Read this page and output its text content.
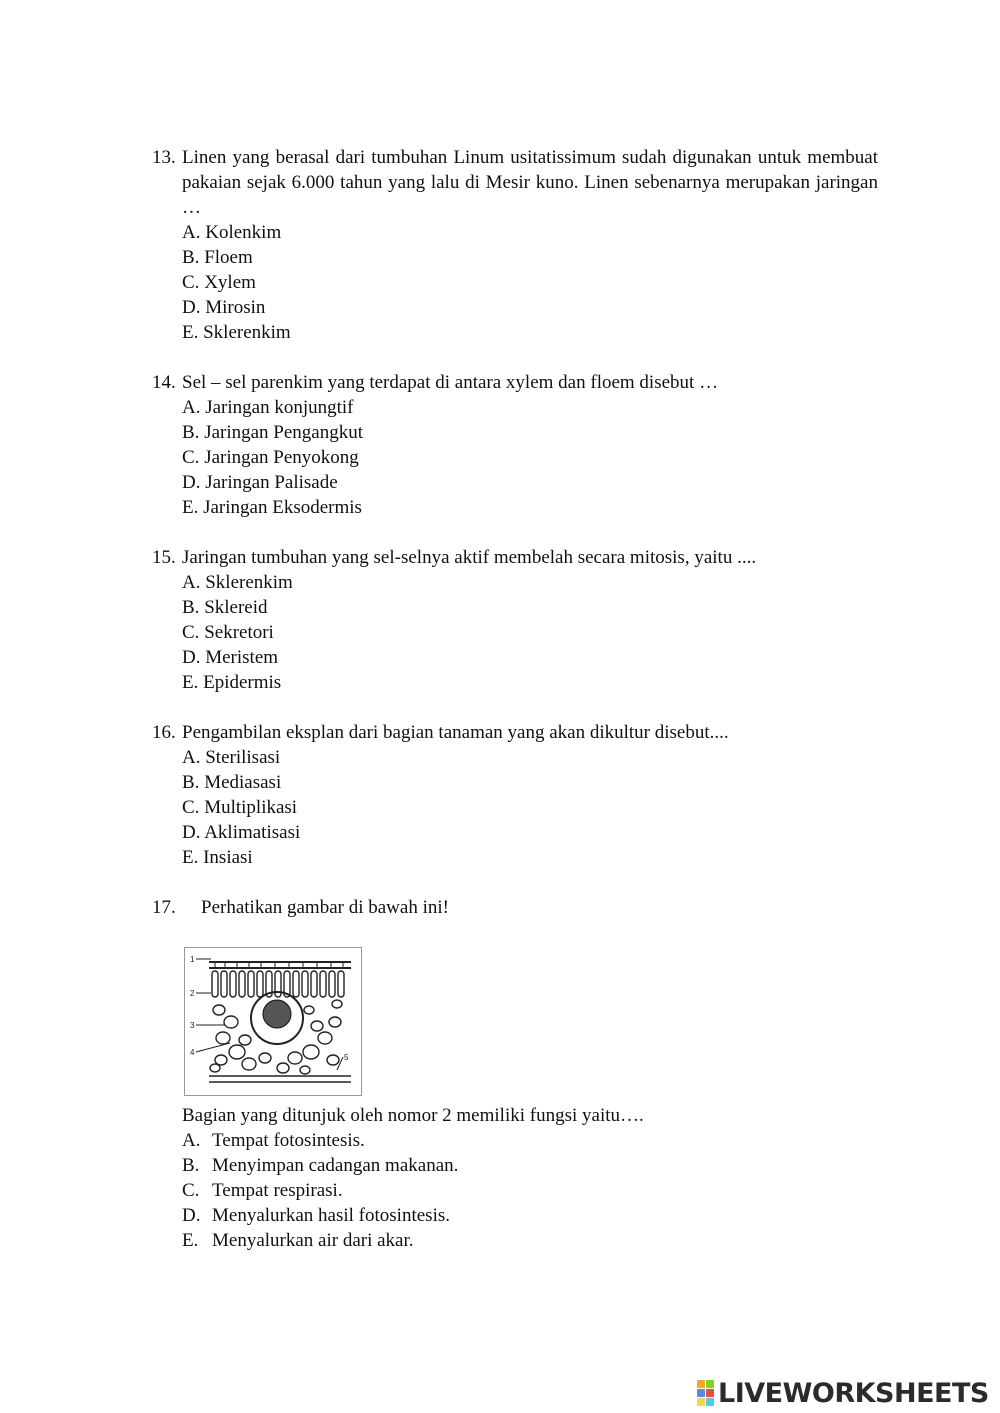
13. Linen yang berasal dari tumbuhan Linum usitatissimum sudah digunakan untuk membuat pakaian sejak 6.000 tahun yang lalu di Mesir kuno. Linen sebenarnya merupakan jaringan …
A. Kolenkim
B. Floem
C. Xylem
D. Mirosin
E. Sklerenkim
14. Sel – sel parenkim yang terdapat di antara xylem dan floem disebut …
A. Jaringan konjungtif
B. Jaringan Pengangkut
C. Jaringan Penyokong
D. Jaringan Palisade
E. Jaringan Eksodermis
15. Jaringan tumbuhan yang sel-selnya aktif membelah secara mitosis, yaitu ....
A. Sklerenkim
B. Sklereid
C. Sekretori
D. Meristem
E. Epidermis
16. Pengambilan eksplan dari bagian tanaman yang akan dikultur disebut....
A. Sterilisasi
B. Mediasasi
C. Multiplikasi
D. Aklimatisasi
E. Insiasi
17. Perhatikan gambar di bawah ini!
1
2
3
4
5
Bagian yang ditunjuk oleh nomor 2 memiliki fungsi yaitu….
A. Tempat fotosintesis.
B. Menyimpan cadangan makanan.
C. Tempat respirasi.
D. Menyalurkan hasil fotosintesis.
E. Menyalurkan air dari akar.
LIVEWORKSHEETS
